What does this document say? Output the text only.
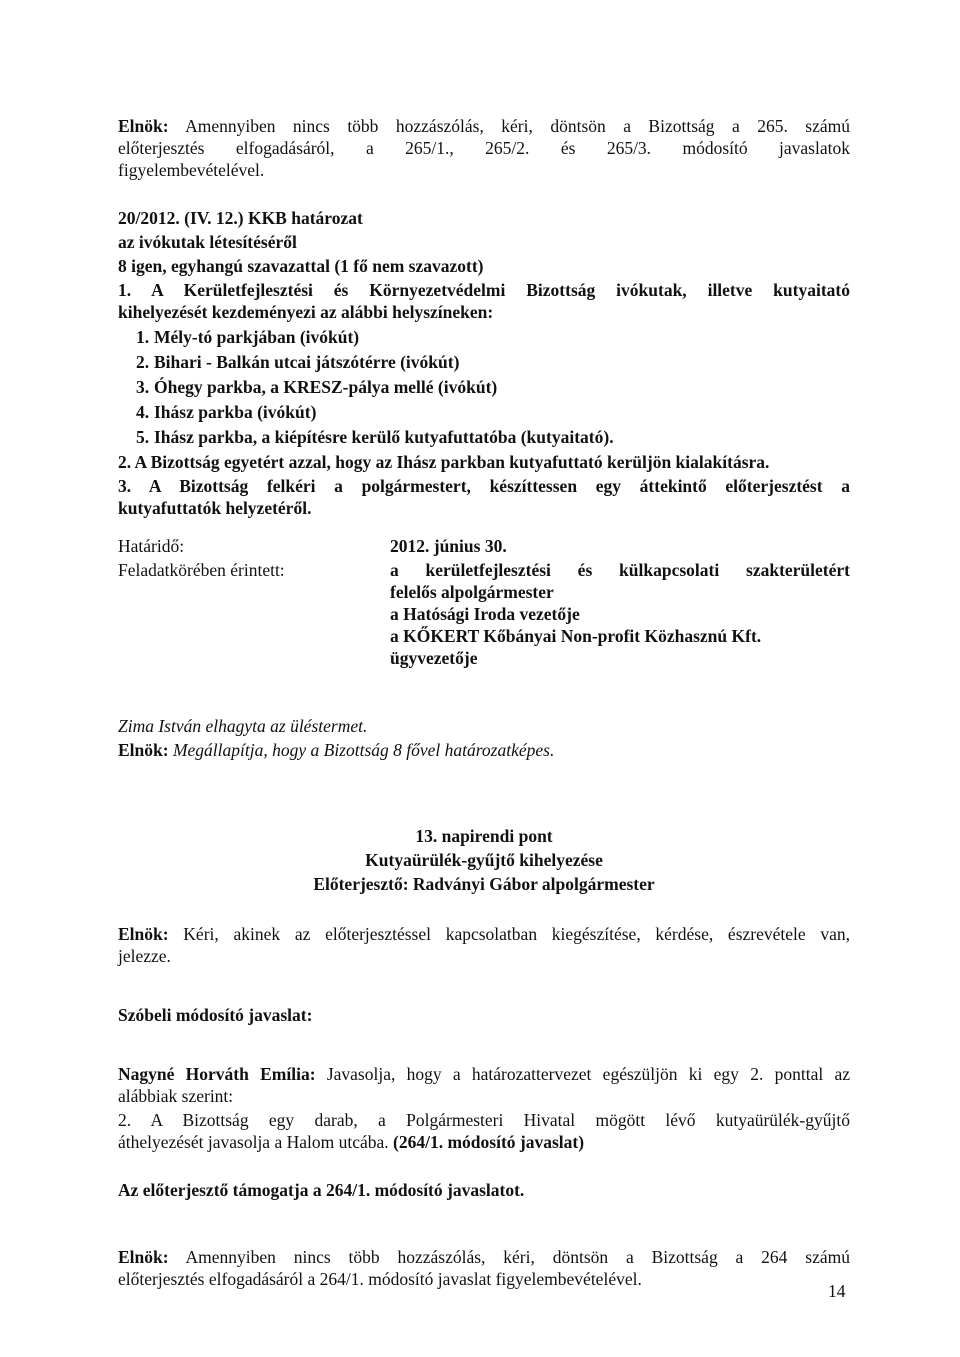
Elnök: Amennyiben nincs több hozzászólás, kéri, döntsön a Bizottság a 265. számú

előterjesztés elfogadásáról, a 265/1., 265/2. és 265/3. módosító javaslatok

figyelembevételével.

20/2012. (IV. 12.) KKB határozat

az ivókutak létesítéséről

8 igen, egyhangú szavazattal (1 fő nem szavazott)

1. A Kerületfejlesztési és Környezetvédelmi Bizottság ivókutak, illetve kutyaitató

kihelyezését kezdeményezi az alábbi helyszíneken:

1. Mély-tó parkjában (ivókút)
2. Bihari - Balkán utcai játszótérre (ivókút)
3. Óhegy parkba, a KRESZ-pálya mellé (ivókút)
4. Ihász parkba (ivókút)
5. Ihász parkba, a kiépítésre kerülő kutyafuttatóba (kutyaitató).

2. A Bizottság egyetért azzal, hogy az Ihász parkban kutyafuttató kerüljön kialakításra.

3. A Bizottság felkéri a polgármestert, készíttessen egy áttekintő előterjesztést a

kutyafuttatók helyzetéről.

Határidő:	2012. június 30.
Feladatkörében érintett:	a kerületfejlesztési és külkapcsolati szakterületért

felelős alpolgármester

a Hatósági Iroda vezetője

a KŐKERT Kőbányai Non-profit Közhasznú Kft.

ügyvezetője

Zima István elhagyta az üléstermet.

Elnök: Megállapítja, hogy a Bizottság 8 fővel határozatképes.

13. napirendi pont

Kutyaürülék-gyűjtő kihelyezése

Előterjesztő: Radványi Gábor alpolgármester

Elnök: Kéri, akinek az előterjesztéssel kapcsolatban kiegészítése, kérdése, észrevétele van,

jelezze.

Szóbeli módosító javaslat:

Nagyné Horváth Emília: Javasolja, hogy a határozattervezet egészüljön ki egy 2. ponttal az

alábbiak szerint:

2. A Bizottság egy darab, a Polgármesteri Hivatal mögött lévő kutyaürülék-gyűjtő

áthelyezését javasolja a Halom utcába. (264/1. módosító javaslat)

Az előterjesztő támogatja a 264/1. módosító javaslatot.

Elnök: Amennyiben nincs több hozzászólás, kéri, döntsön a Bizottság a 264 számú

előterjesztés elfogadásáról a 264/1. módosító javaslat figyelembevételével.

14
